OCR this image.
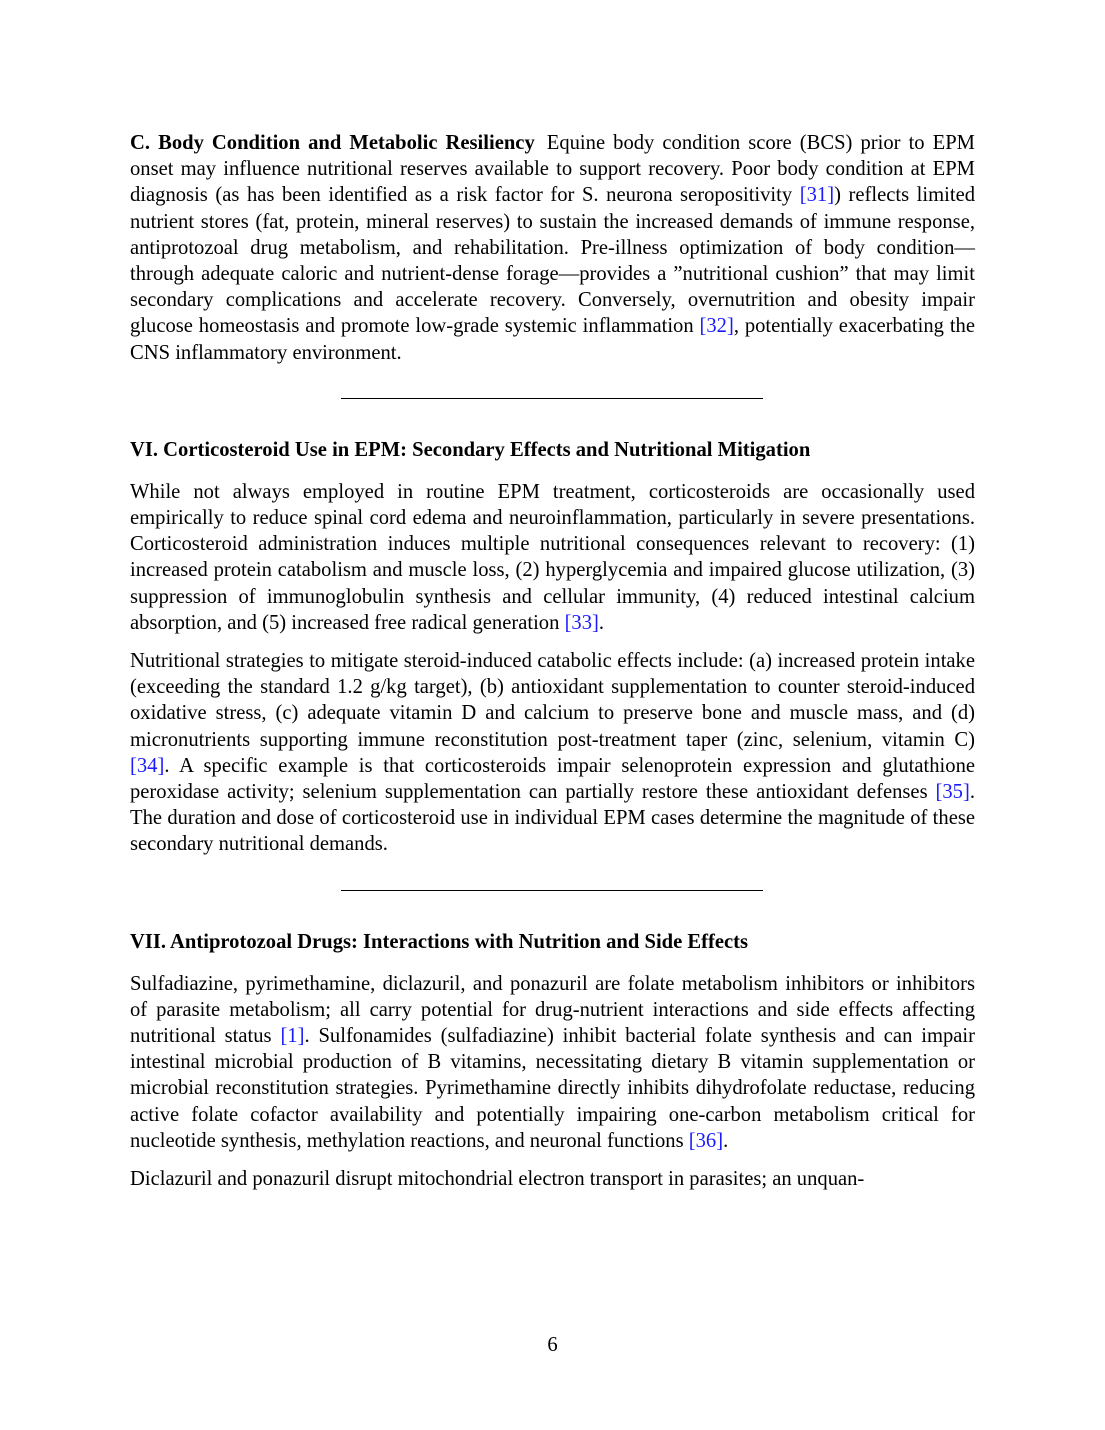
C. Body Condition and Metabolic Resiliency Equine body condition score (BCS) prior to EPM onset may influence nutritional reserves available to support recovery. Poor body condition at EPM diagnosis (as has been identified as a risk factor for S. neurona seropositivity [31]) reflects limited nutrient stores (fat, protein, mineral reserves) to sustain the increased demands of immune response, antiprotozoal drug metabolism, and rehabilitation. Pre-illness optimization of body condition—through adequate caloric and nutrient-dense forage—provides a ”nutritional cushion” that may limit secondary complications and accelerate recovery. Conversely, overnutrition and obesity impair glucose homeostasis and promote low-grade systemic inflammation [32], potentially exacerbating the CNS inflammatory environment.

VI. Corticosteroid Use in EPM: Secondary Effects and Nutritional Mitigation

While not always employed in routine EPM treatment, corticosteroids are occasionally used empirically to reduce spinal cord edema and neuroinflammation, particularly in severe presentations. Corticosteroid administration induces multiple nutritional consequences relevant to recovery: (1) increased protein catabolism and muscle loss, (2) hyperglycemia and impaired glucose utilization, (3) suppression of immunoglobulin synthesis and cellular immunity, (4) reduced intestinal calcium absorption, and (5) increased free radical generation [33].

Nutritional strategies to mitigate steroid-induced catabolic effects include: (a) increased protein intake (exceeding the standard 1.2 g/kg target), (b) antioxidant supplementation to counter steroid-induced oxidative stress, (c) adequate vitamin D and calcium to preserve bone and muscle mass, and (d) micronutrients supporting immune reconstitution post-treatment taper (zinc, selenium, vitamin C) [34]. A specific example is that corticosteroids impair selenoprotein expression and glutathione peroxidase activity; selenium supplementation can partially restore these antioxidant defenses [35]. The duration and dose of corticosteroid use in individual EPM cases determine the magnitude of these secondary nutritional demands.

VII. Antiprotozoal Drugs: Interactions with Nutrition and Side Effects

Sulfadiazine, pyrimethamine, diclazuril, and ponazuril are folate metabolism inhibitors or inhibitors of parasite metabolism; all carry potential for drug-nutrient interactions and side effects affecting nutritional status [1]. Sulfonamides (sulfadiazine) inhibit bacterial folate synthesis and can impair intestinal microbial production of B vitamins, necessitating dietary B vitamin supplementation or microbial reconstitution strategies. Pyrimethamine directly inhibits dihydrofolate reductase, reducing active folate cofactor availability and potentially impairing one-carbon metabolism critical for nucleotide synthesis, methylation reactions, and neuronal functions [36].

Diclazuril and ponazuril disrupt mitochondrial electron transport in parasites; an unquan-

6
